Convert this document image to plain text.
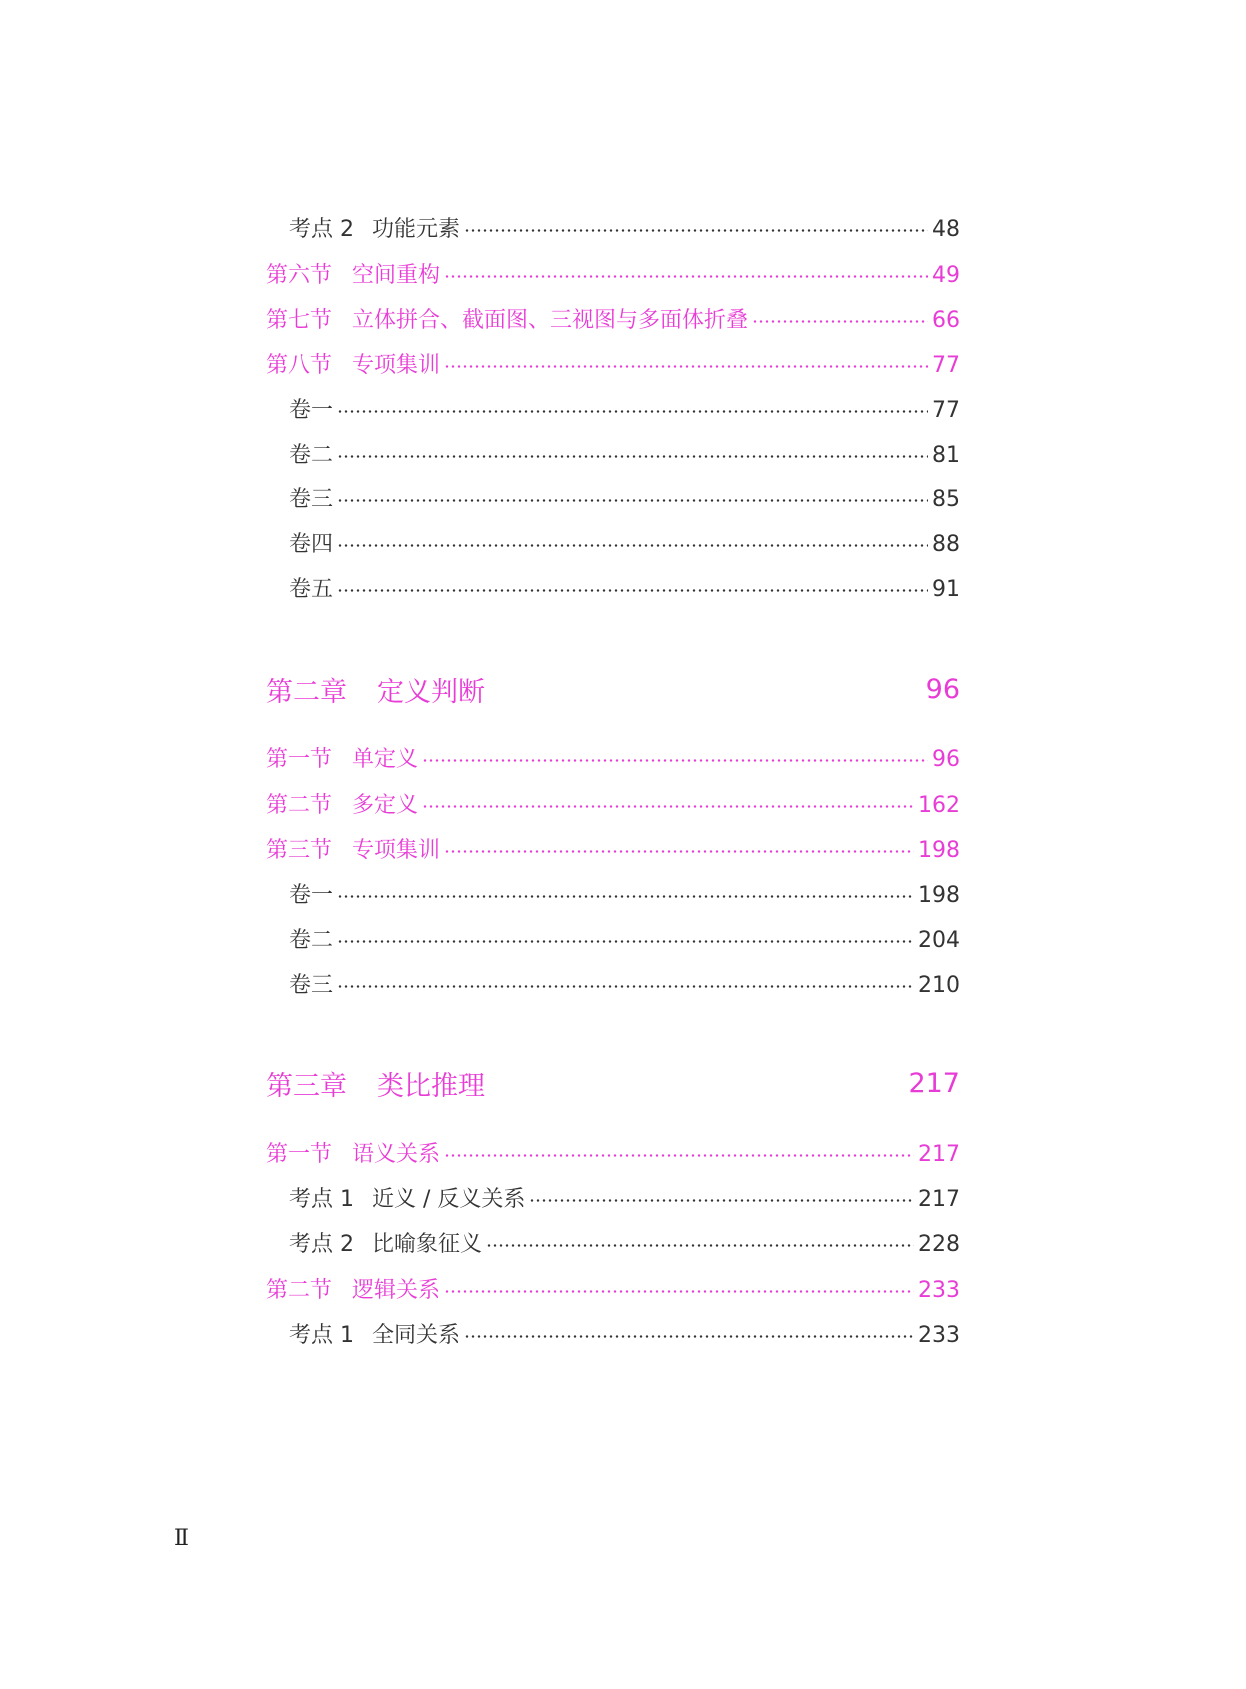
考点 2 功能元素	48
第六节 空间重构	49
第七节 立体拼合、截面图、三视图与多面体折叠	66
第八节 专项集训	77
卷一	77
卷二	81
卷三	85
卷四	88
卷五	91
第二章 定义判断	96
第一节 单定义	96
第二节 多定义	162
第三节 专项集训	198
卷一	198
卷二	204
卷三	210
第三章 类比推理	217
第一节 语义关系	217
考点 1 近义 / 反义关系	217
考点 2 比喻象征义	228
第二节 逻辑关系	233
考点 1 全同关系	233
Ⅱ
